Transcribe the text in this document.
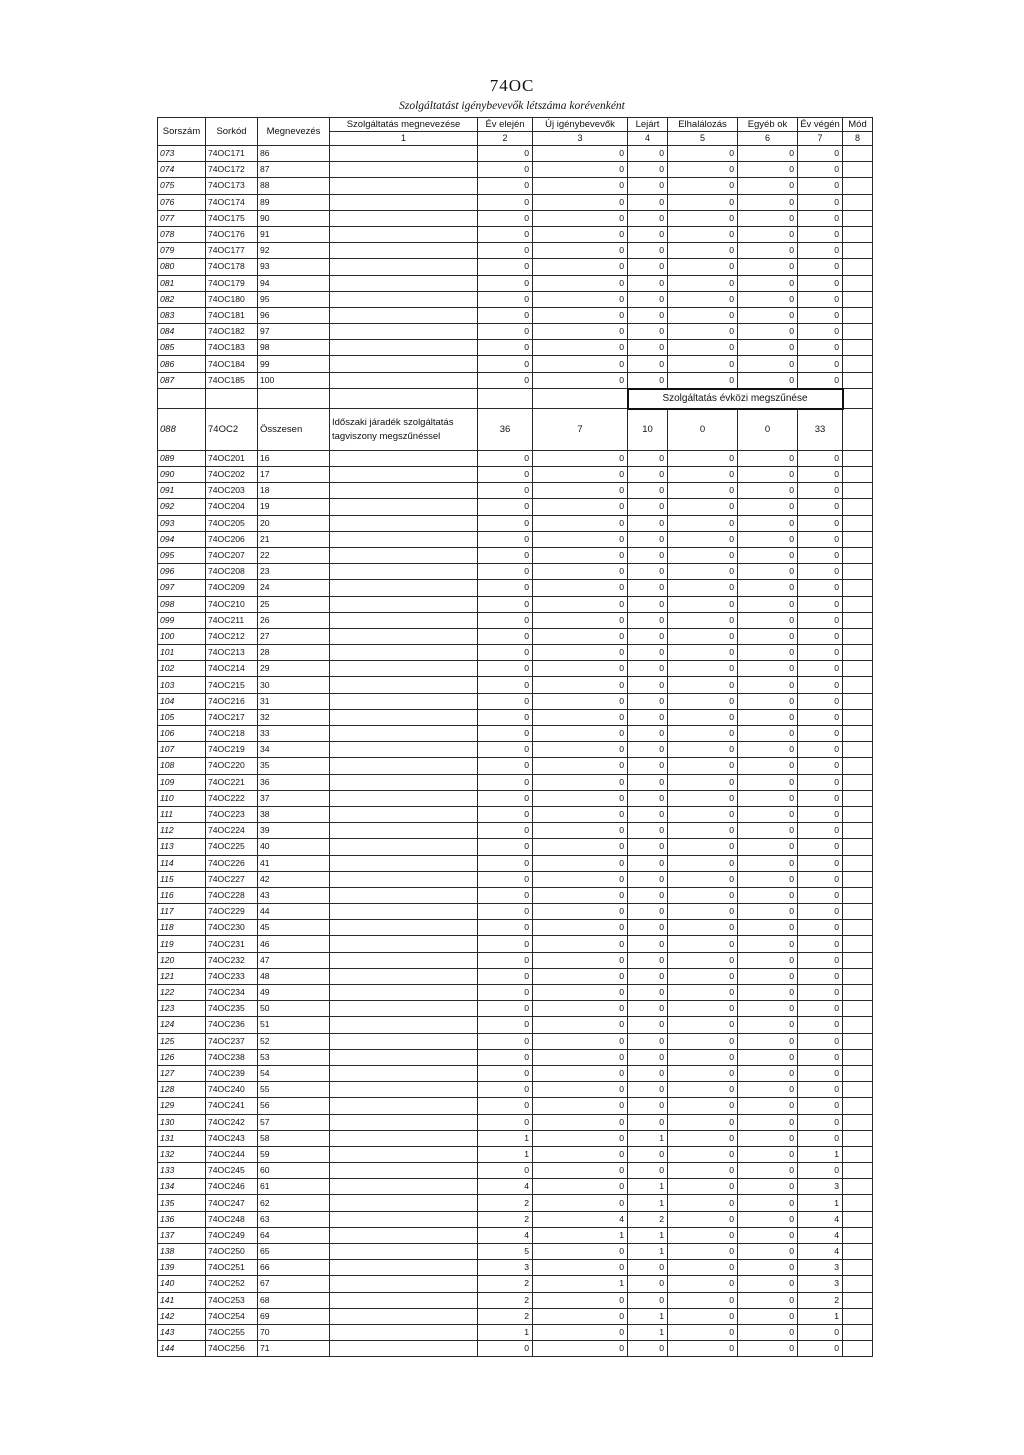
74OC
Szolgáltatást igénybevevők létszáma korévenként
Sorszám	Sorkód	Megnevezés	Szolgáltatás megnevezése	Év elején	Új igénybevevők	Lejárt	Elhalálozás	Egyéb ok	Év végén	Mód
			1	2	3	4	5	6	7	8
073	74OC171	86		0	0	0	0	0	0	
074	74OC172	87		0	0	0	0	0	0	
075	74OC173	88		0	0	0	0	0	0	
076	74OC174	89		0	0	0	0	0	0	
077	74OC175	90		0	0	0	0	0	0	
078	74OC176	91		0	0	0	0	0	0	
079	74OC177	92		0	0	0	0	0	0	
080	74OC178	93		0	0	0	0	0	0	
081	74OC179	94		0	0	0	0	0	0	
082	74OC180	95		0	0	0	0	0	0	
083	74OC181	96		0	0	0	0	0	0	
084	74OC182	97		0	0	0	0	0	0	
085	74OC183	98		0	0	0	0	0	0	
086	74OC184	99		0	0	0	0	0	0	
087	74OC185	100		0	0	0	0	0	0	
						Szolgáltatás évközi megszűnése				
088	74OC2	Összesen	Időszaki járadék szolgáltatás tagviszony megszűnéssel	36	7	10	0	0	33	
089	74OC201	16		0	0	0	0	0	0	
090	74OC202	17		0	0	0	0	0	0	
091	74OC203	18		0	0	0	0	0	0	
092	74OC204	19		0	0	0	0	0	0	
093	74OC205	20		0	0	0	0	0	0	
094	74OC206	21		0	0	0	0	0	0	
095	74OC207	22		0	0	0	0	0	0	
096	74OC208	23		0	0	0	0	0	0	
097	74OC209	24		0	0	0	0	0	0	
098	74OC210	25		0	0	0	0	0	0	
099	74OC211	26		0	0	0	0	0	0	
100	74OC212	27		0	0	0	0	0	0	
101	74OC213	28		0	0	0	0	0	0	
102	74OC214	29		0	0	0	0	0	0	
103	74OC215	30		0	0	0	0	0	0	
104	74OC216	31		0	0	0	0	0	0	
105	74OC217	32		0	0	0	0	0	0	
106	74OC218	33		0	0	0	0	0	0	
107	74OC219	34		0	0	0	0	0	0	
108	74OC220	35		0	0	0	0	0	0	
109	74OC221	36		0	0	0	0	0	0	
110	74OC222	37		0	0	0	0	0	0	
111	74OC223	38		0	0	0	0	0	0	
112	74OC224	39		0	0	0	0	0	0	
113	74OC225	40		0	0	0	0	0	0	
114	74OC226	41		0	0	0	0	0	0	
115	74OC227	42		0	0	0	0	0	0	
116	74OC228	43		0	0	0	0	0	0	
117	74OC229	44		0	0	0	0	0	0	
118	74OC230	45		0	0	0	0	0	0	
119	74OC231	46		0	0	0	0	0	0	
120	74OC232	47		0	0	0	0	0	0	
121	74OC233	48		0	0	0	0	0	0	
122	74OC234	49		0	0	0	0	0	0	
123	74OC235	50		0	0	0	0	0	0	
124	74OC236	51		0	0	0	0	0	0	
125	74OC237	52		0	0	0	0	0	0	
126	74OC238	53		0	0	0	0	0	0	
127	74OC239	54		0	0	0	0	0	0	
128	74OC240	55		0	0	0	0	0	0	
129	74OC241	56		0	0	0	0	0	0	
130	74OC242	57		0	0	0	0	0	0	
131	74OC243	58		1	0	1	0	0	0	
132	74OC244	59		1	0	0	0	0	1	
133	74OC245	60		0	0	0	0	0	0	
134	74OC246	61		4	0	1	0	0	3	
135	74OC247	62		2	0	1	0	0	1	
136	74OC248	63		2	4	2	0	0	4	
137	74OC249	64		4	1	1	0	0	4	
138	74OC250	65		5	0	1	0	0	4	
139	74OC251	66		3	0	0	0	0	3	
140	74OC252	67		2	1	0	0	0	3	
141	74OC253	68		2	0	0	0	0	2	
142	74OC254	69		2	0	1	0	0	1	
143	74OC255	70		1	0	1	0	0	0	
144	74OC256	71		0	0	0	0	0	0	
